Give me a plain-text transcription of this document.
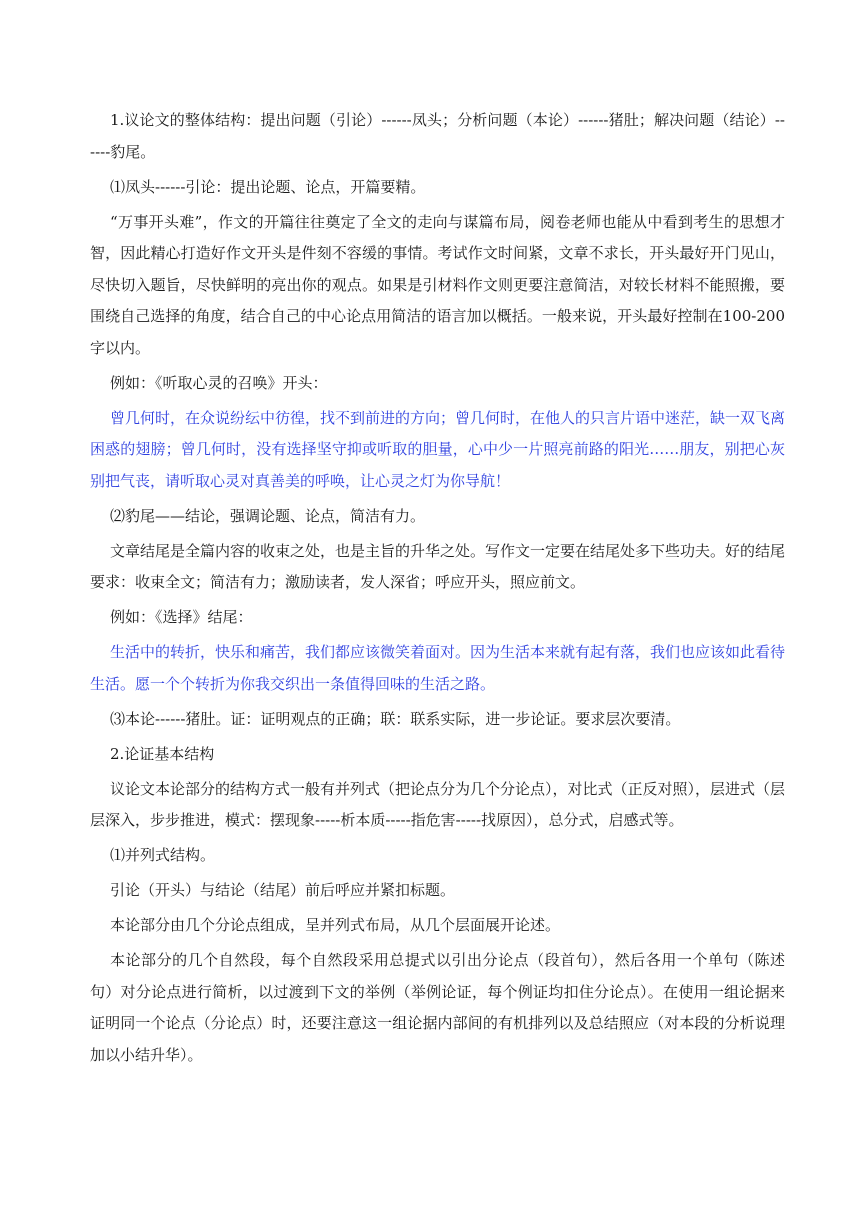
1.议论文的整体结构：提出问题（引论）------凤头；分析问题（本论）------猪肚；解决问题（结论）------豹尾。

⑴凤头------引论：提出论题、论点，开篇要精。

“万事开头难”，作文的开篇往往奠定了全文的走向与谋篇布局，阅卷老师也能从中看到考生的思想才智，因此精心打造好作文开头是件刻不容缓的事情。考试作文时间紧，文章不求长，开头最好开门见山，尽快切入题旨，尽快鲜明的亮出你的观点。如果是引材料作文则更要注意简洁，对较长材料不能照搬，要围绕自己选择的角度，结合自己的中心论点用简洁的语言加以概括。一般来说，开头最好控制在100-200字以内。

例如：《听取心灵的召唤》开头：

曾几何时，在众说纷纭中彷徨，找不到前进的方向；曾几何时，在他人的只言片语中迷茫，缺一双飞离困惑的翅膀；曾几何时，没有选择坚守抑或听取的胆量，心中少一片照亮前路的阳光……朋友，别把心灰别把气丧，请听取心灵对真善美的呼唤，让心灵之灯为你导航！

⑵豹尾——结论，强调论题、论点，简洁有力。

文章结尾是全篇内容的收束之处，也是主旨的升华之处。写作文一定要在结尾处多下些功夫。好的结尾要求：收束全文；简洁有力；激励读者，发人深省；呼应开头，照应前文。

例如：《选择》结尾：

生活中的转折，快乐和痛苦，我们都应该微笑着面对。因为生活本来就有起有落，我们也应该如此看待生活。愿一个个转折为你我交织出一条值得回味的生活之路。

⑶本论------猪肚。证：证明观点的正确；联：联系实际，进一步论证。要求层次要清。

2.论证基本结构

议论文本论部分的结构方式一般有并列式（把论点分为几个分论点），对比式（正反对照），层进式（层层深入，步步推进，模式：摆现象-----析本质-----指危害-----找原因），总分式，启感式等。

⑴并列式结构。

引论（开头）与结论（结尾）前后呼应并紧扣标题。

本论部分由几个分论点组成，呈并列式布局，从几个层面展开论述。

本论部分的几个自然段，每个自然段采用总提式以引出分论点（段首句），然后各用一个单句（陈述句）对分论点进行简析，以过渡到下文的举例（举例论证，每个例证均扣住分论点）。在使用一组论据来证明同一个论点（分论点）时，还要注意这一组论据内部间的有机排列以及总结照应（对本段的分析说理加以小结升华）。
